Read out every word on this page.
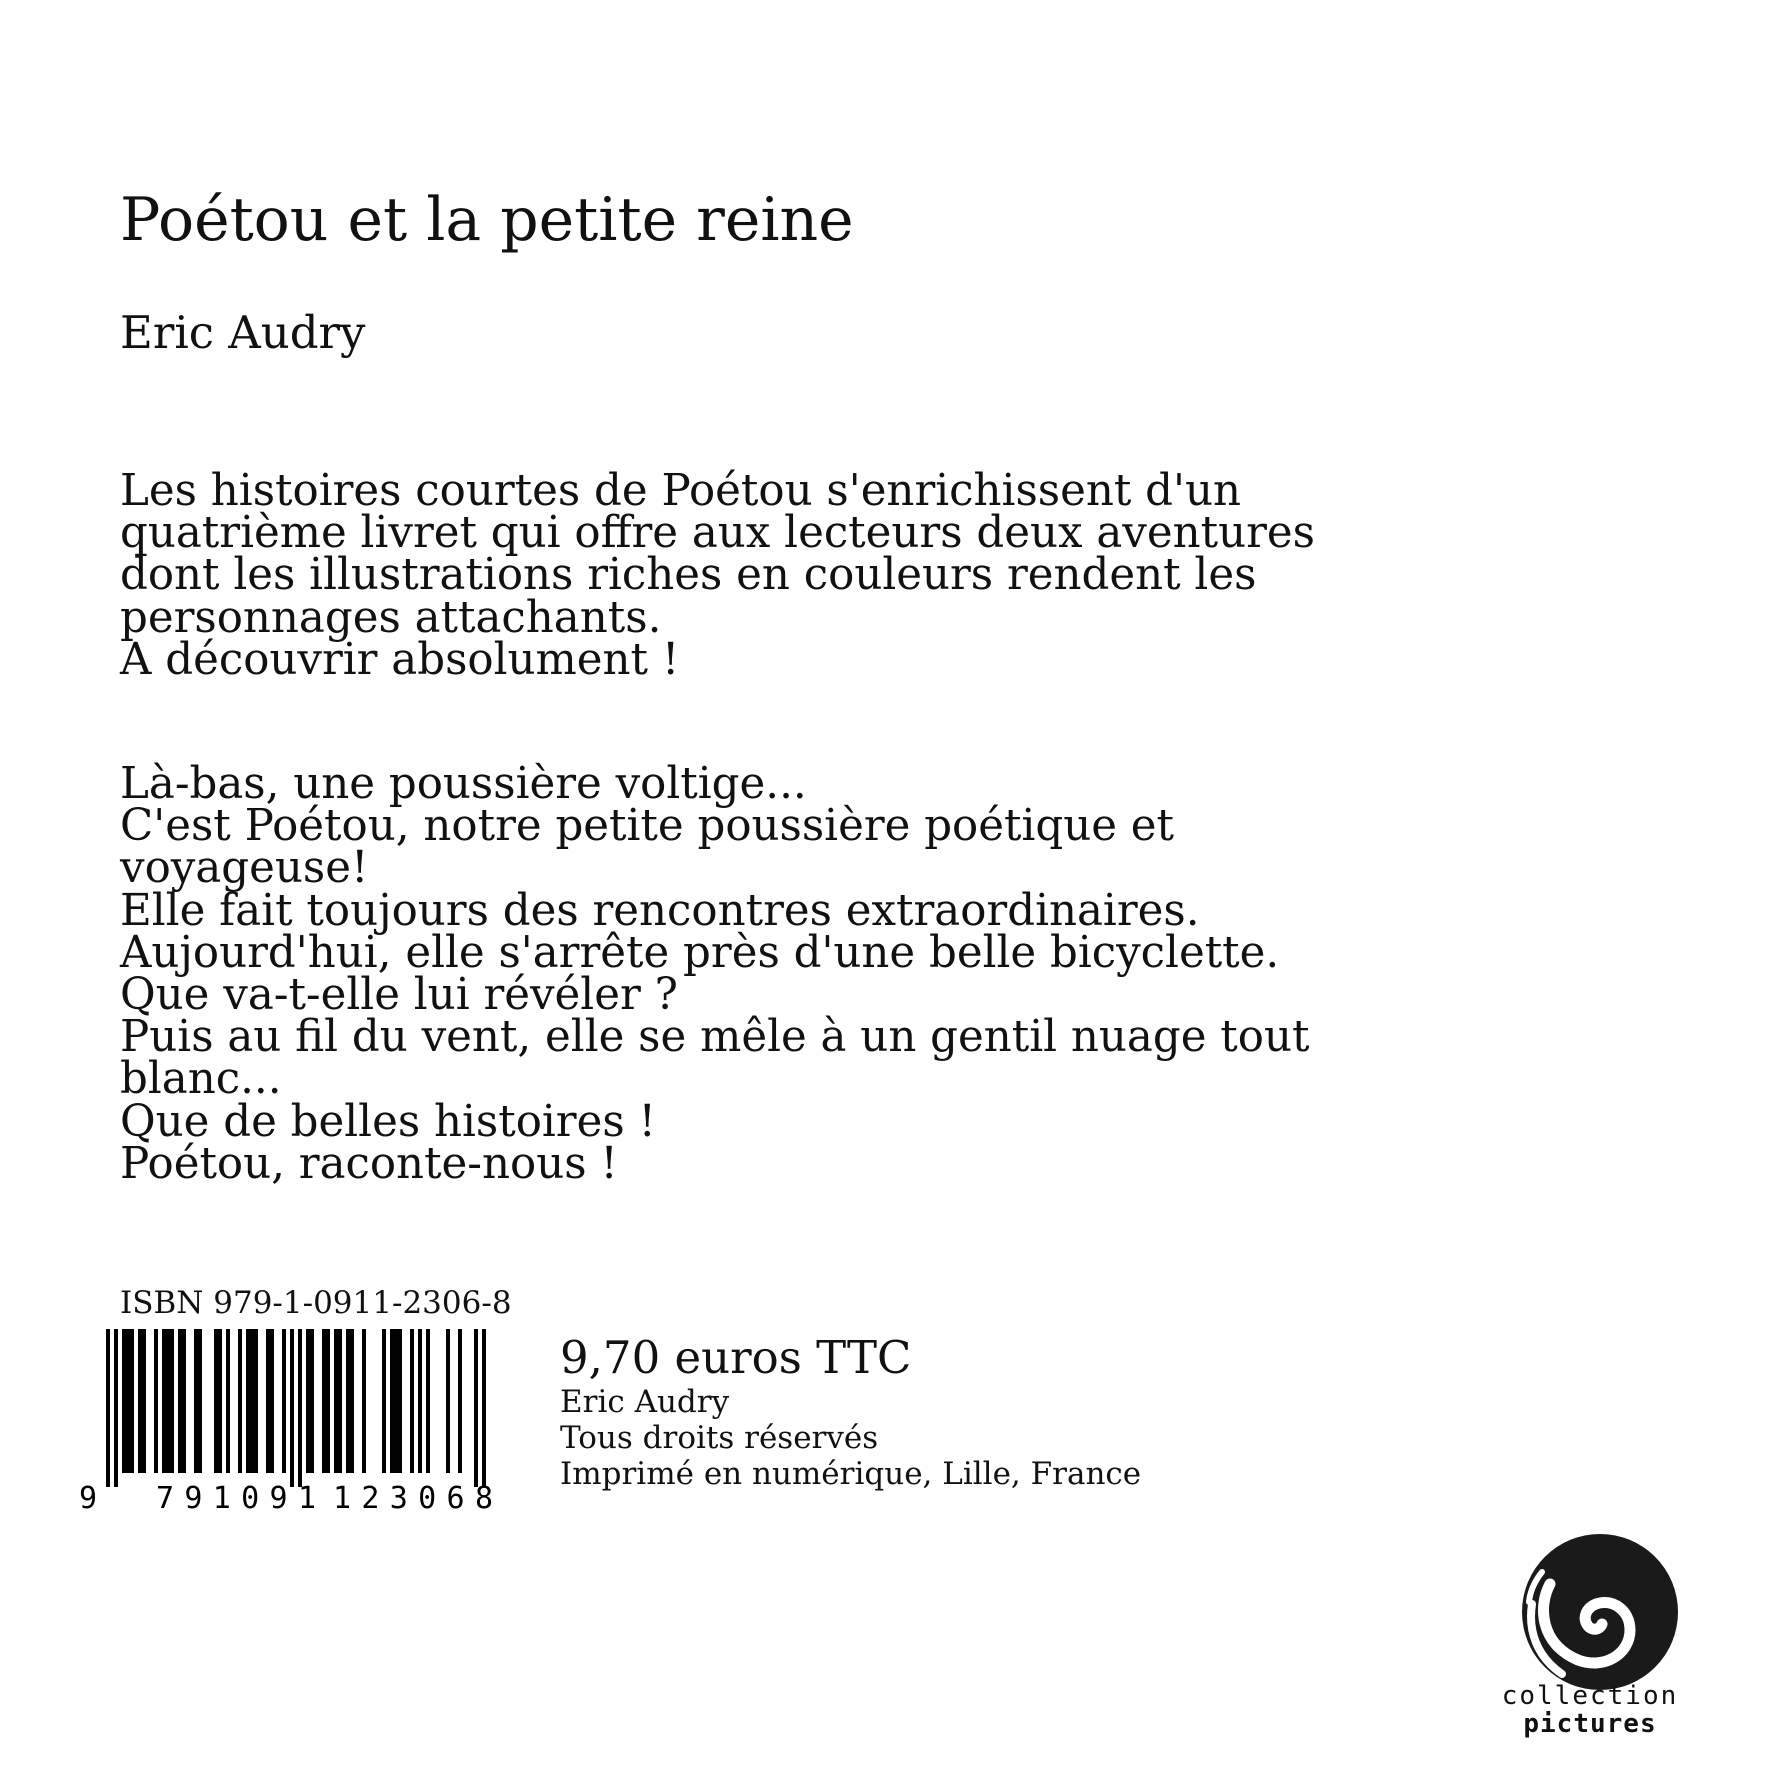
Poétou et la petite reine
Eric Audry
Les histoires courtes de Poétou s'enrichissent d'un
quatrième livret qui offre aux lecteurs deux aventures
dont les illustrations riches en couleurs rendent les
personnages attachants.
A découvrir absolument !
Là-bas, une poussière voltige...
C'est Poétou, notre petite poussière poétique et
voyageuse!
Elle fait toujours des rencontres extraordinaires.
Aujourd'hui, elle s'arrête près d'une belle bicyclette.
Que va-t-elle lui révéler ?
Puis au fil du vent, elle se mêle à un gentil nuage tout
blanc...
Que de belles histoires !
Poétou, raconte-nous !
ISBN 979-1-0911-2306-8
9 791091 123068
9,70 euros TTC
Eric Audry
Tous droits réservés
Imprimé en numérique, Lille, France
collection
pictures
